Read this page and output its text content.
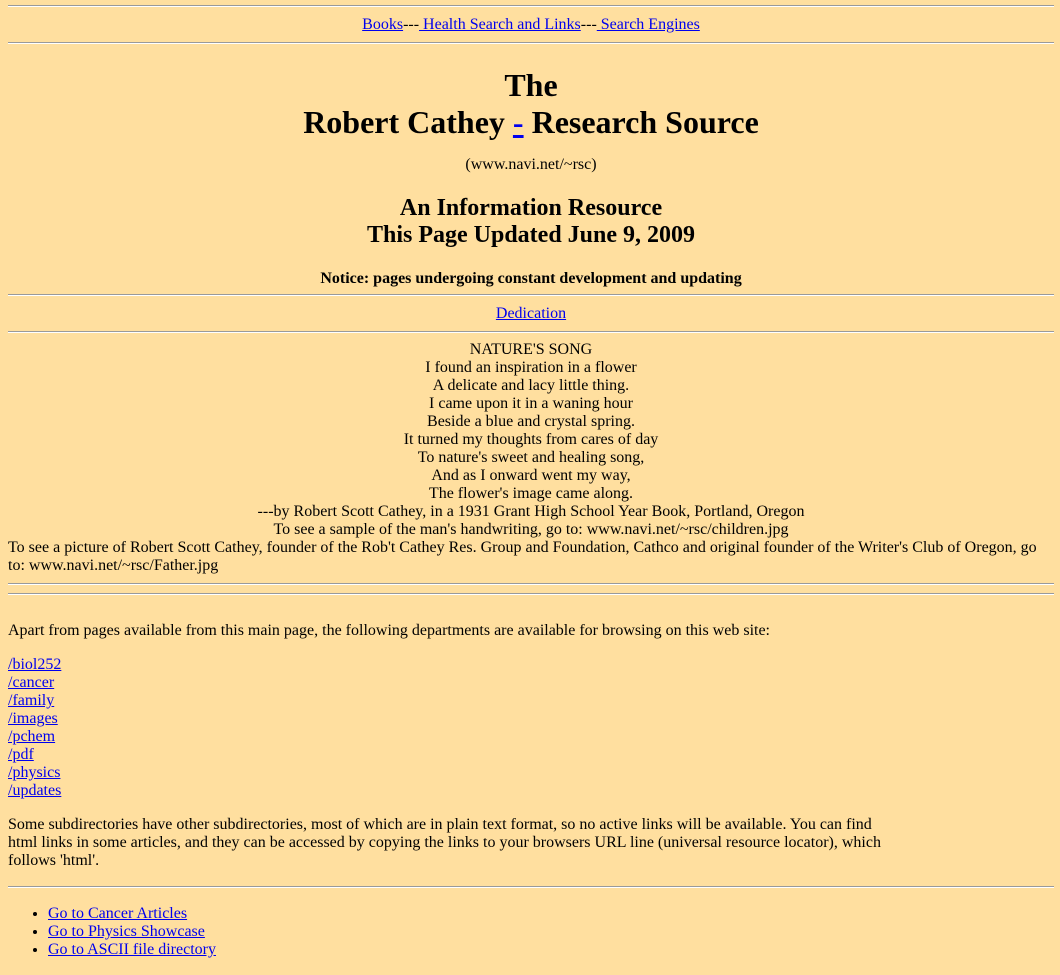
Books--- Health Search and Links--- Search Engines
The
Robert Cathey - Research Source
(www.navi.net/~rsc)
An Information Resource
This Page Updated June 9, 2009
Notice: pages undergoing constant development and updating
Dedication
NATURE'S SONG
I found an inspiration in a flower
A delicate and lacy little thing.
I came upon it in a waning hour
Beside a blue and crystal spring.
It turned my thoughts from cares of day
To nature's sweet and healing song,
And as I onward went my way,
The flower's image came along.
---by Robert Scott Cathey, in a 1931 Grant High School Year Book, Portland, Oregon
To see a sample of the man's handwriting, go to: www.navi.net/~rsc/children.jpg
To see a picture of Robert Scott Cathey, founder of the Rob't Cathey Res. Group and Foundation, Cathco and original founder of the Writer's Club of Oregon, go to: www.navi.net/~rsc/Father.jpg
Apart from pages available from this main page, the following departments are available for browsing on this web site:
/biol252
/cancer
/family
/images
/pchem
/pdf
/physics
/updates
Some subdirectories have other subdirectories, most of which are in plain text format, so no active links will be available. You can find html links in some articles, and they can be accessed by copying the links to your browsers URL line (universal resource locator), which follows 'html'.
• Go to Cancer Articles
• Go to Physics Showcase
• Go to ASCII file directory
